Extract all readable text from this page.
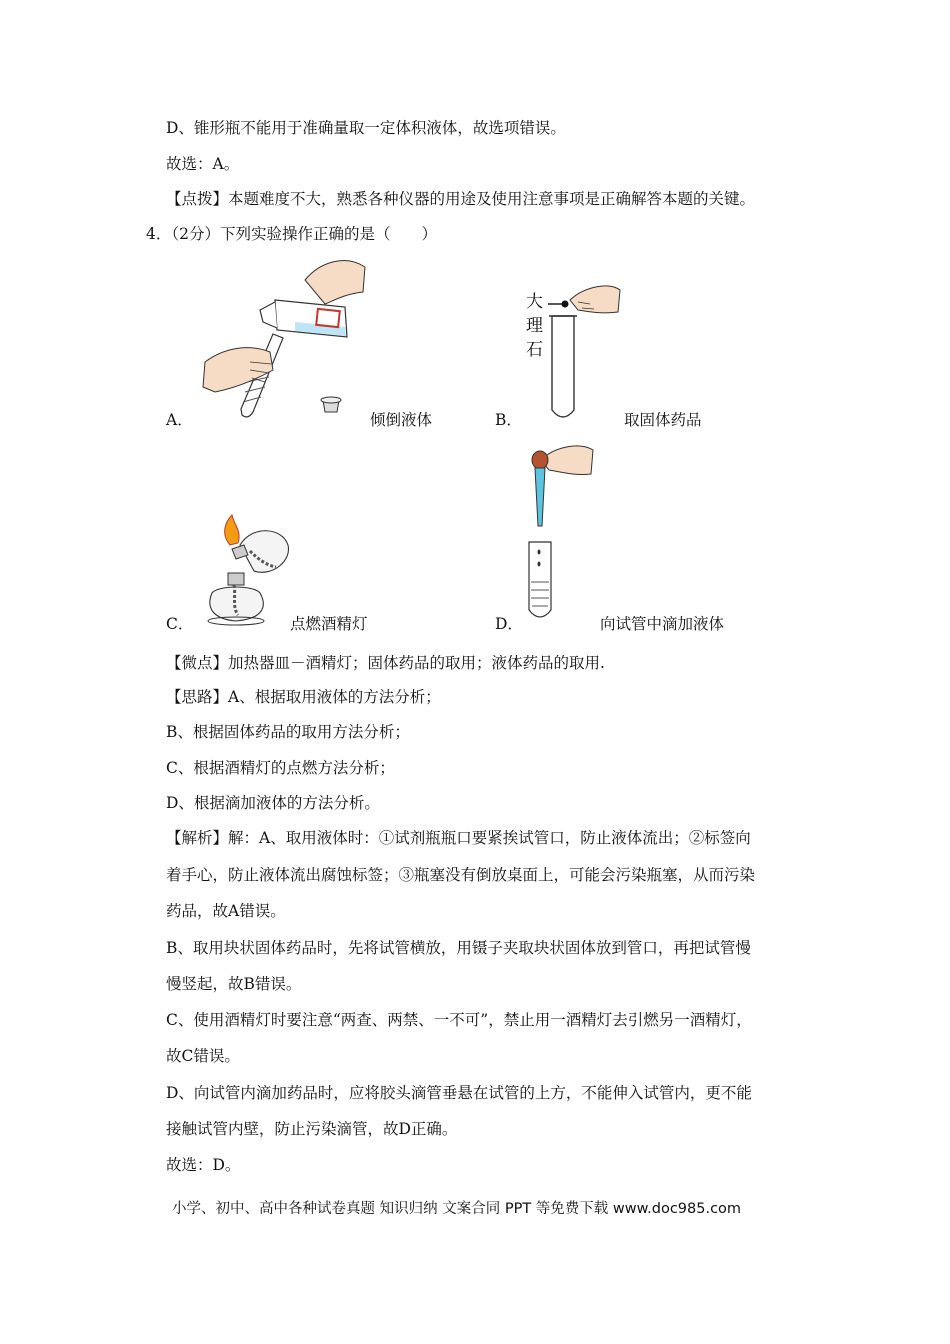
D、锥形瓶不能用于准确量取一定体积液体，故选项错误。
故选：A。
【点拨】本题难度不大，熟悉各种仪器的用途及使用注意事项是正确解答本题的关键。
4．（2分）下列实验操作正确的是（　　）
大
理
石
A．	倾倒液体	B．	取固体药品
C．	点燃酒精灯	D．	向试管中滴加液体
【微点】加热器皿－酒精灯；固体药品的取用；液体药品的取用.
【思路】A、根据取用液体的方法分析；
B、根据固体药品的取用方法分析；
C、根据酒精灯的点燃方法分析；
D、根据滴加液体的方法分析。
【解析】解：A、取用液体时：①试剂瓶瓶口要紧挨试管口，防止液体流出；②标签向
着手心，防止液体流出腐蚀标签；③瓶塞没有倒放桌面上，可能会污染瓶塞，从而污染
药品，故A错误。
B、取用块状固体药品时，先将试管横放，用镊子夹取块状固体放到管口，再把试管慢
慢竖起，故B错误。
C、使用酒精灯时要注意“两查、两禁、一不可”，禁止用一酒精灯去引燃另一酒精灯，
故C错误。
D、向试管内滴加药品时，应将胶头滴管垂悬在试管的上方，不能伸入试管内，更不能
接触试管内壁，防止污染滴管，故D正确。
故选：D。
小学、初中、高中各种试卷真题 知识归纳 文案合同 PPT 等免费下载 www.doc985.com
